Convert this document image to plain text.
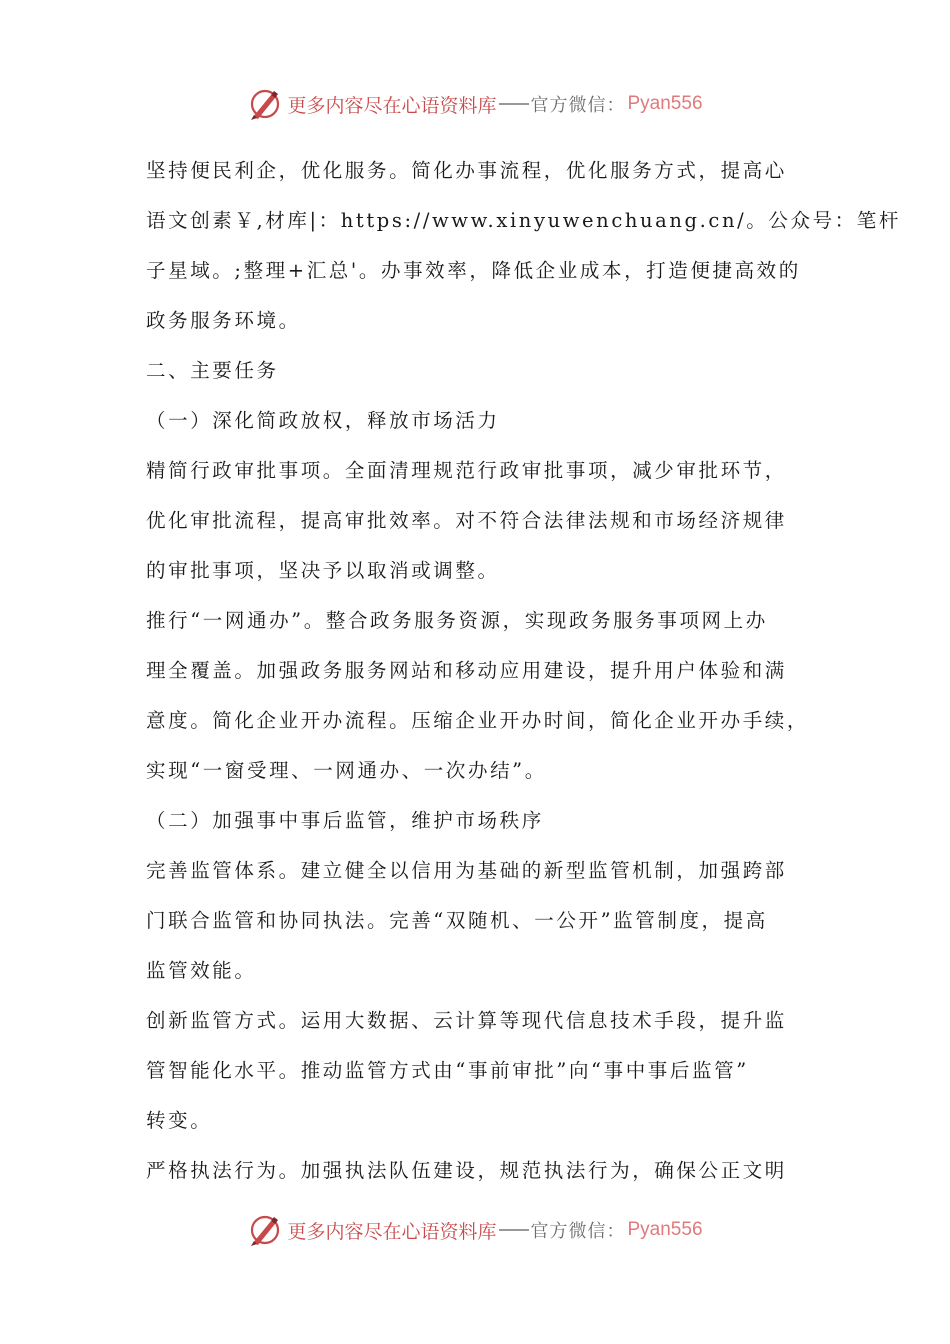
更多内容尽在心语资料库 官方微信： Pyan556
坚持便民利企，优化服务。简化办事流程，优化服务方式，提高心
语文创素￥,材库|：https://www.xinyuwenchuang.cn/。公众号：笔杆
子星域。;整理+汇总'。办事效率，降低企业成本，打造便捷高效的
政务服务环境。
二、主要任务
（一）深化简政放权，释放市场活力
精简行政审批事项。全面清理规范行政审批事项，减少审批环节，
优化审批流程，提高审批效率。对不符合法律法规和市场经济规律
的审批事项，坚决予以取消或调整。
推行“一网通办”。整合政务服务资源，实现政务服务事项网上办
理全覆盖。加强政务服务网站和移动应用建设，提升用户体验和满
意度。简化企业开办流程。压缩企业开办时间，简化企业开办手续，
实现“一窗受理、一网通办、一次办结”。
（二）加强事中事后监管，维护市场秩序
完善监管体系。建立健全以信用为基础的新型监管机制，加强跨部
门联合监管和协同执法。完善“双随机、一公开”监管制度，提高
监管效能。
创新监管方式。运用大数据、云计算等现代信息技术手段，提升监
管智能化水平。推动监管方式由“事前审批”向“事中事后监管”
转变。
严格执法行为。加强执法队伍建设，规范执法行为，确保公正文明
更多内容尽在心语资料库 官方微信： Pyan556
